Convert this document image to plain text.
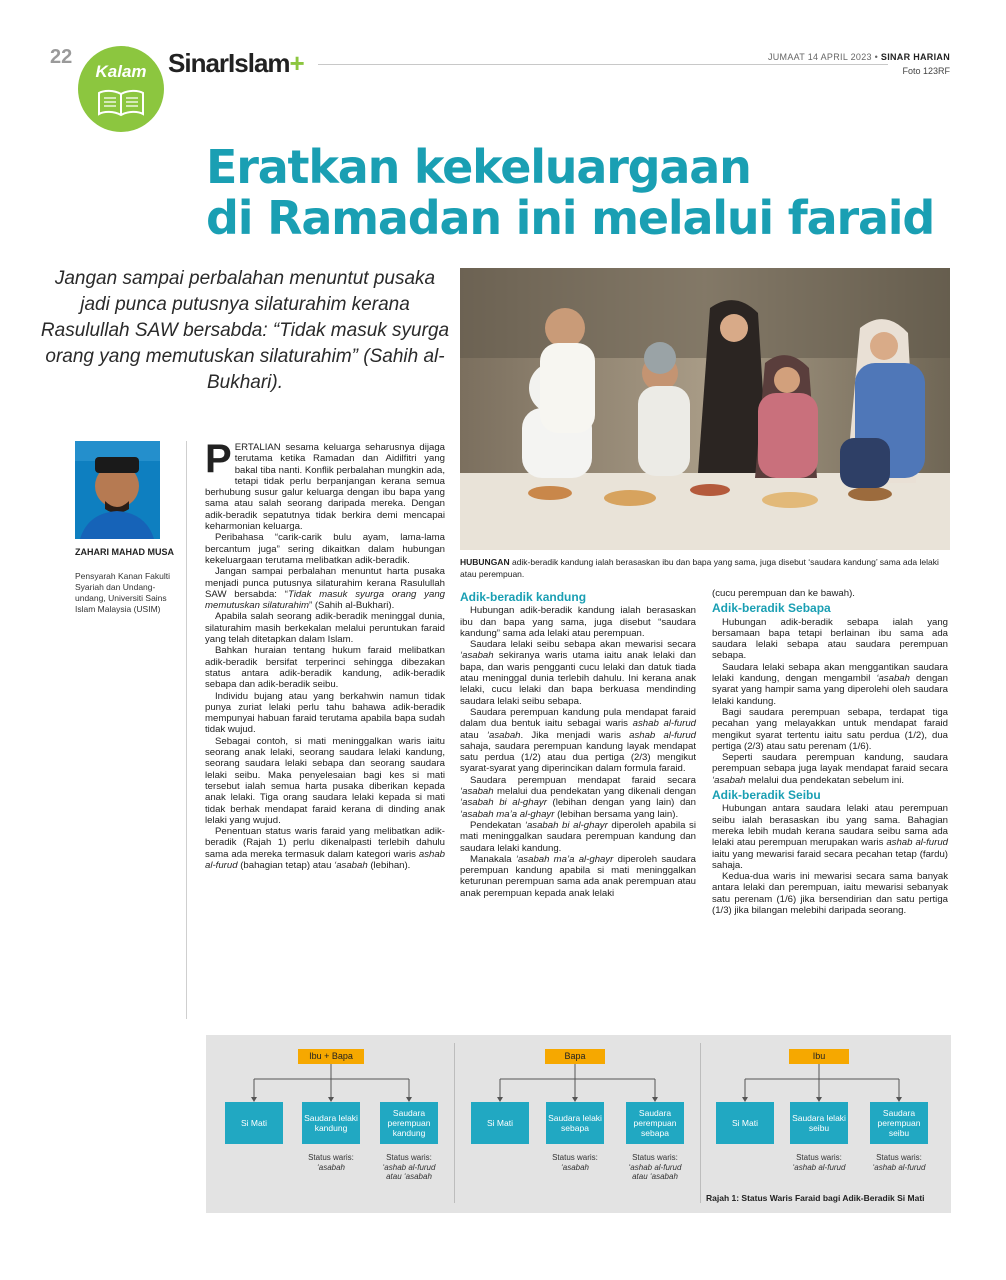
22
Kalam SinarIslam+	JUMAAT 14 APRIL 2023 • SINAR HARIAN
Foto 123RF
Eratkan kekeluargaan
di Ramadan ini melalui faraid
Jangan sampai perbalahan menuntut pusaka jadi punca putusnya silaturahim kerana Rasulullah SAW bersabda: “Tidak masuk syurga orang yang memutuskan silaturahim” (Sahih al-Bukhari).
HUBUNGAN adik-beradik kandung ialah berasaskan ibu dan bapa yang sama, juga disebut ‘saudara kandung’ sama ada lelaki atau perempuan.
ZAHARI MAHAD MUSA
Pensyarah Kanan Fakulti Syariah dan Undang-undang, Universiti Sains Islam Malaysia (USIM)

PERTALIAN sesama keluarga seharusnya dijaga terutama ketika Ramadan dan Aidilfitri yang bakal tiba nanti. Konflik perbalahan mungkin ada, tetapi tidak perlu berpanjangan kerana semua berhubung susur galur keluarga dengan ibu bapa yang sama atau salah seorang daripada mereka. Dengan adik-beradik sepatutnya tidak berkira demi mencapai keharmonian keluarga.

Peribahasa “carik-carik bulu ayam, lama-lama bercantum juga” sering dikaitkan dalam hubungan kekeluargaan terutama melibatkan adik-beradik.

Jangan sampai perbalahan menuntut harta pusaka menjadi punca putusnya silaturahim kerana Rasulullah SAW bersabda: “Tidak masuk syurga orang yang memutuskan silaturahim” (Sahih al-Bukhari).

Apabila salah seorang adik-beradik meninggal dunia, silaturahim masih berkekalan melalui peruntukan faraid yang telah ditetapkan dalam Islam.

Bahkan huraian tentang hukum faraid melibatkan adik-beradik bersifat terperinci sehingga dibezakan status antara adik-beradik kandung, adik-beradik sebapa dan adik-beradik seibu.

Individu bujang atau yang berkahwin namun tidak punya zuriat lelaki perlu tahu bahawa adik-beradik mempunyai habuan faraid terutama apabila bapa sudah tidak wujud.

Sebagai contoh, si mati meninggalkan waris iaitu seorang anak lelaki, seorang saudara lelaki kandung, seorang saudara lelaki sebapa dan seorang saudara lelaki seibu. Maka penyelesaian bagi kes si mati tersebut ialah semua harta pusaka diberikan kepada anak lelaki. Tiga orang saudara lelaki kepada si mati tidak berhak mendapat faraid kerana di dinding anak lelaki yang wujud.

Penentuan status waris faraid yang melibatkan adik-beradik (Rajah 1) perlu dikenalpasti terlebih dahulu sama ada mereka termasuk dalam kategori waris ashab al-furud (bahagian tetap) atau ‘asabah (lebihan).

Adik-beradik kandung

Hubungan adik-beradik kandung ialah berasaskan ibu dan bapa yang sama, juga disebut “saudara kandung” sama ada lelaki atau perempuan.

Saudara lelaki seibu sebapa akan mewarisi secara ‘asabah sekiranya waris utama iaitu anak lelaki dan bapa, dan waris pengganti cucu lelaki dan datuk tiada atau meninggal dunia terlebih dahulu. Ini kerana anak lelaki, cucu lelaki dan bapa berkuasa mendinding saudara lelaki seibu sebapa.

Saudara perempuan kandung pula mendapat faraid dalam dua bentuk iaitu sebagai waris ashab al-furud atau ‘asabah. Jika menjadi waris ashab al-furud sahaja, saudara perempuan kandung layak mendapat satu perdua (1/2) atau dua pertiga (2/3) mengikut syarat-syarat yang diperincikan dalam formula faraid.

Saudara perempuan mendapat faraid secara ‘asabah melalui dua pendekatan yang dikenali dengan ‘asabah bi al-ghayr (lebihan dengan yang lain) dan ‘asabah ma’a al-ghayr (lebihan bersama yang lain).

Pendekatan ‘asabah bi al-ghayr diperoleh apabila si mati meninggalkan saudara perempuan kandung dan saudara lelaki kandung.

Manakala ‘asabah ma’a al-ghayr diperoleh saudara perempuan kandung apabila si mati meninggalkan keturunan perempuan sama ada anak perempuan atau anak perempuan kepada anak lelaki

(cucu perempuan dan ke bawah).

Adik-beradik Sebapa

Hubungan adik-beradik sebapa ialah yang bersamaan bapa tetapi berlainan ibu sama ada saudara lelaki sebapa atau saudara perempuan sebapa.

Saudara lelaki sebapa akan menggantikan saudara lelaki kandung, dengan mengambil ‘asabah dengan syarat yang hampir sama yang diperolehi oleh saudara lelaki kandung.

Bagi saudara perempuan sebapa, terdapat tiga pecahan yang melayakkan untuk mendapat faraid mengikut syarat tertentu iaitu satu perdua (1/2), dua pertiga (2/3) atau satu perenam (1/6).

Seperti saudara perempuan kandung, saudara perempuan sebapa juga layak mendapat faraid secara ‘asabah melalui dua pendekatan sebelum ini.

Adik-beradik Seibu

Hubungan antara saudara lelaki atau perempuan seibu ialah berasaskan ibu yang sama. Bahagian mereka lebih mudah kerana saudara seibu sama ada lelaki atau perempuan merupakan waris ashab al-furud iaitu yang mewarisi faraid secara pecahan tetap (fardu) sahaja.

Kedua-dua waris ini mewarisi secara sama banyak antara lelaki dan perempuan, iaitu mewarisi sebanyak satu perenam (1/6) jika bersendirian dan satu pertiga (1/3) jika bilangan melebihi daripada seorang.

Ibu + Bapa
Si Mati	Saudara lelaki kandung
Saudara perempuan kandung
Status waris:
‘asabah
Status waris:
‘ashab al-furud atau ‘asabah
Bapa
Si Mati	Saudara lelaki sebapa
Saudara perempuan sebapa
Status waris:
‘asabah
Status waris:
‘ashab al-furud atau ‘asabah
Ibu
Si Mati	Saudara lelaki seibu
Saudara perempuan seibu
Status waris:
‘ashab al-furud
Status waris:
‘ashab al-furud
Rajah 1: Status Waris Faraid bagi Adik-Beradik Si Mati
